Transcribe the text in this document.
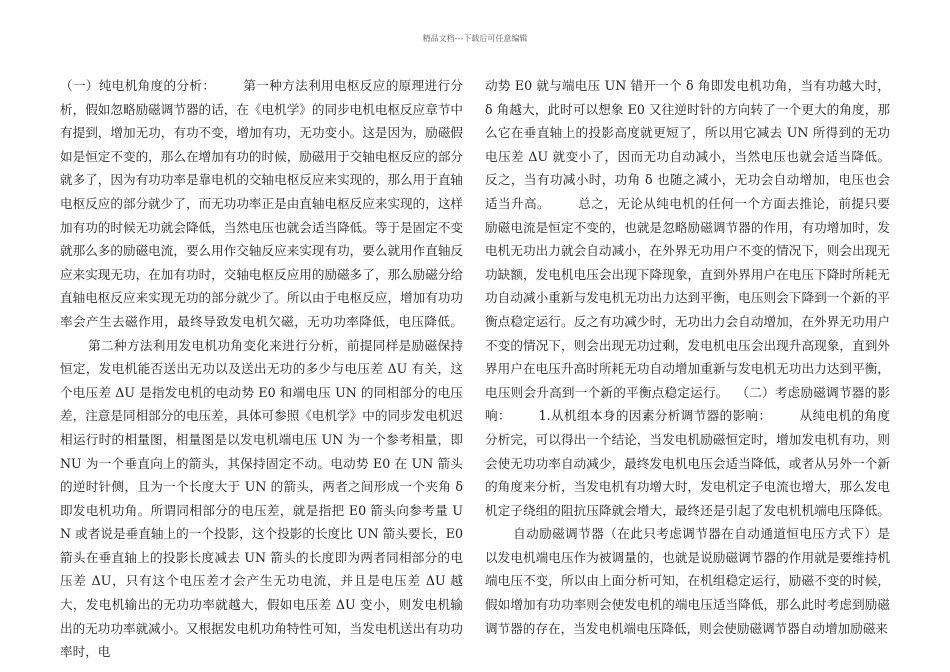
精品文档---下载后可任意编辑

（一）纯电机角度的分析： 第一种方法利用电枢反应的原理进行分析，假如忽略励磁调节器的话，在《电机学》的同步电机电枢反应章节中有提到，增加无功，有功不变，增加有功，无功变小。这是因为，励磁假如是恒定不变的，那么在增加有功的时候，励磁用于交轴电枢反应的部分就多了，因为有功功率是靠电机的交轴电枢反应来实现的，那么用于直轴电枢反应的部分就少了，而无功功率正是由直轴电枢反应来实现的，这样加有功的时候无功就会降低，当然电压也就会适当降低。等于是固定不变就那么多的励磁电流，要么用作交轴反应来实现有功，要么就用作直轴反应来实现无功，在加有功时，交轴电枢反应用的励磁多了，那么励磁分给直轴电枢反应来实现无功的部分就少了。所以由于电枢反应，增加有功功率会产生去磁作用，最终导致发电机欠磁，无功功率降低，电压降低。

第二种方法利用发电机功角变化来进行分析，前提同样是励磁保持恒定，发电机能否送出无功以及送出无功的多少与电压差 ΔU 有关，这个电压差 ΔU 是指发电机的电动势 E0 和端电压 UN 的同相部分的电压差，注意是同相部分的电压差，具体可参照《电机学》中的同步发电机迟相运行时的相量图，相量图是以发电机端电压 UN 为一个参考相量，即 NU 为一个垂直向上的箭头，其保持固定不动。电动势 E0 在 UN 箭头的逆时针侧，且为一个长度大于 UN 的箭头，两者之间形成一个夹角 δ 即发电机功角。所谓同相部分的电压差，就是指把 E0 箭头向参考量 UN 或者说是垂直轴上的一个投影，这个投影的长度比 UN 箭头要长，E0 箭头在垂直轴上的投影长度减去 UN 箭头的长度即为两者同相部分的电压差 ΔU，只有这个电压差才会产生无功电流，并且是电压差 ΔU 越大，发电机输出的无功功率就越大，假如电压差 ΔU 变小，则发电机输出的无功功率就减小。又根据发电机功角特性可知，当发电机送出有功功率时，电

动势 E0 就与端电压 UN 错开一个 δ 角即发电机功角，当有功越大时，δ 角越大，此时可以想象 E0 又往逆时针的方向转了一个更大的角度，那么它在垂直轴上的投影高度就更短了，所以用它减去 UN 所得到的无功电压差 ΔU 就变小了，因而无功自动减小，当然电压也就会适当降低。反之，当有功减小时，功角 δ 也随之减小，无功会自动增加，电压也会适当升高。 总之，无论从纯电机的任何一个方面去推论，前提只要励磁电流是恒定不变的，也就是忽略励磁调节器的作用，有功增加时，发电机无功出力就会自动减小，在外界无功用户不变的情况下，则会出现无功缺额，发电机电压会出现下降现象，直到外界用户在电压下降时所耗无功自动减小重新与发电机无功出力达到平衡，电压则会下降到一个新的平衡点稳定运行。反之有功减少时，无功出力会自动增加，在外界无功用户不变的情况下，则会出现无功过剩，发电机电压会出现升高现象，直到外界用户在电压升高时所耗无功自动增加重新与发电机无功出力达到平衡，电压则会升高到一个新的平衡点稳定运行。 （二）考虑励磁调节器的影响： 1.从机组本身的因素分析调节器的影响： 从纯电机的角度分析完，可以得出一个结论，当发电机励磁恒定时，增加发电机有功，则会使无功功率自动减少，最终发电机电压会适当降低，或者从另外一个新的角度来分析，当发电机有功增大时，发电机定子电流也增大，那么发电机定子绕组的阻抗压降就会增大，最终还是引起了发电机机端电压降低。

自动励磁调节器（在此只考虑调节器在自动通道恒电压方式下）是以发电机端电压作为被调量的，也就是说励磁调节器的作用就是要维持机端电压不变，所以由上面分析可知，在机组稳定运行，励磁不变的时候，假如增加有功功率则会使发电机的端电压适当降低，那么此时考虑到励磁调节器的存在，当发电机端电压降低，则会使励磁调节器自动增加励磁来
